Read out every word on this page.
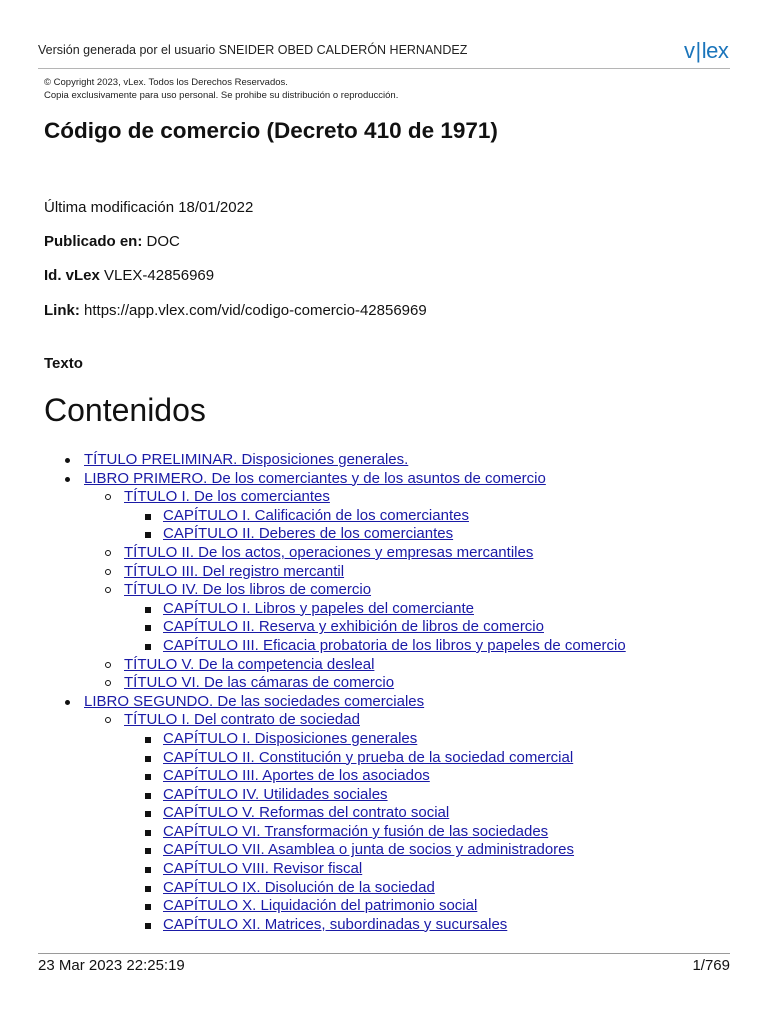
Versión generada por el usuario SNEIDER OBED CALDERÓN HERNANDEZ	v|lex
© Copyright 2023, vLex. Todos los Derechos Reservados.
Copia exclusivamente para uso personal. Se prohibe su distribución o reproducción.
Código de comercio (Decreto 410 de 1971)
Última modificación 18/01/2022
Publicado en: DOC
Id. vLex VLEX-42856969
Link: https://app.vlex.com/vid/codigo-comercio-42856969
Texto
Contenidos
TÍTULO PRELIMINAR. Disposiciones generales.
LIBRO PRIMERO. De los comerciantes y de los asuntos de comercio
TÍTULO I. De los comerciantes
CAPÍTULO I. Calificación de los comerciantes
CAPÍTULO II. Deberes de los comerciantes
TÍTULO II. De los actos, operaciones y empresas mercantiles
TÍTULO III. Del registro mercantil
TÍTULO IV. De los libros de comercio
CAPÍTULO I. Libros y papeles del comerciante
CAPÍTULO II. Reserva y exhibición de libros de comercio
CAPÍTULO III. Eficacia probatoria de los libros y papeles de comercio
TÍTULO V. De la competencia desleal
TÍTULO VI. De las cámaras de comercio
LIBRO SEGUNDO. De las sociedades comerciales
TÍTULO I. Del contrato de sociedad
CAPÍTULO I. Disposiciones generales
CAPÍTULO II. Constitución y prueba de la sociedad comercial
CAPÍTULO III. Aportes de los asociados
CAPÍTULO IV. Utilidades sociales
CAPÍTULO V. Reformas del contrato social
CAPÍTULO VI. Transformación y fusión de las sociedades
CAPÍTULO VII. Asamblea o junta de socios y administradores
CAPÍTULO VIII. Revisor fiscal
CAPÍTULO IX. Disolución de la sociedad
CAPÍTULO X. Liquidación del patrimonio social
CAPÍTULO XI. Matrices, subordinadas y sucursales
23 Mar 2023 22:25:19	1/769
